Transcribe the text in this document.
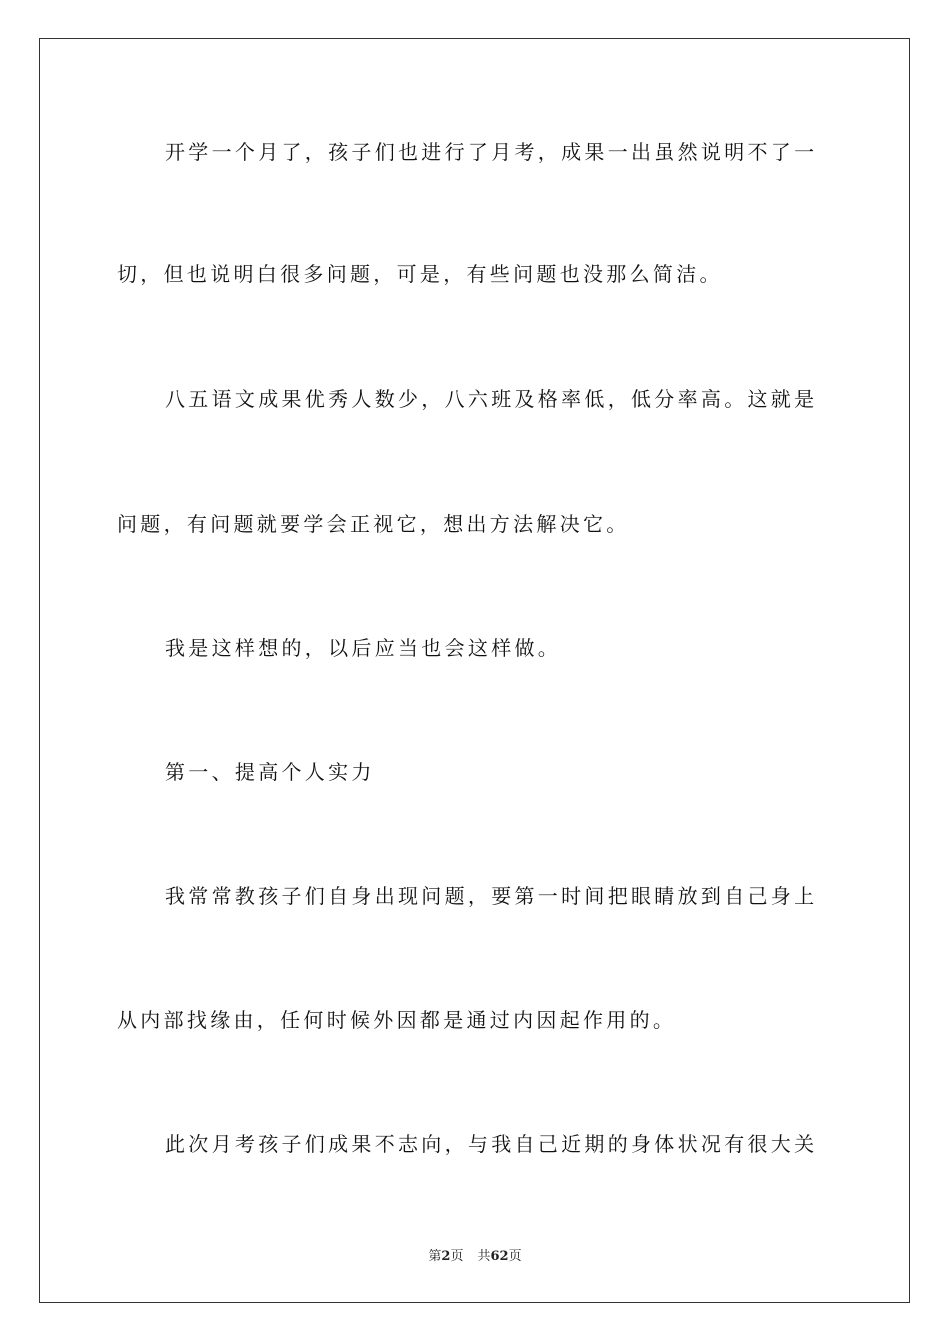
开学一个月了，孩子们也进行了月考，成果一出虽然说明不了一
切，但也说明白很多问题，可是，有些问题也没那么简洁。
八五语文成果优秀人数少，八六班及格率低，低分率高。这就是
问题，有问题就要学会正视它，想出方法解决它。
我是这样想的，以后应当也会这样做。
第一、提高个人实力
我常常教孩子们自身出现问题，要第一时间把眼睛放到自己身上
从内部找缘由，任何时候外因都是通过内因起作用的。
此次月考孩子们成果不志向，与我自己近期的身体状况有很大关
第2页 共62页
